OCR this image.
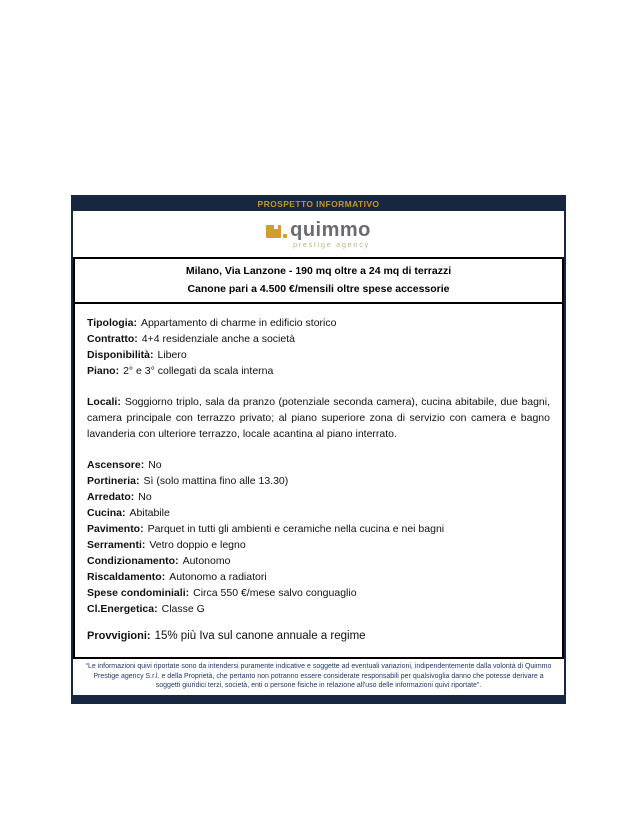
PROSPETTO INFORMATIVO
quimmo
prestige agency
Milano, Via Lanzone - 190 mq oltre a 24 mq di terrazzi
Canone pari a 4.500 €/mensili oltre spese accessorie
Tipologia: Appartamento di charme in edificio storico
Contratto: 4+4 residenziale anche a società
Disponibilità: Libero
Piano: 2° e 3° collegati da scala interna
Locali: Soggiorno triplo, sala da pranzo (potenziale seconda camera), cucina abitabile, due bagni, camera principale con terrazzo privato; al piano superiore zona di servizio con camera e bagno lavanderia con ulteriore terrazzo, locale acantina al piano interrato.
Ascensore: No
Portineria: Sì (solo mattina fino alle 13.30)
Arredato: No
Cucina: Abitabile
Pavimento: Parquet in tutti gli ambienti e ceramiche nella cucina e nei bagni
Serramenti: Vetro doppio e legno
Condizionamento: Autonomo
Riscaldamento: Autonomo a radiatori
Spese condominiali: Circa 550 €/mese salvo conguaglio
Cl.Energetica: Classe G
Provvigioni: 15% più Iva sul canone annuale a regime
“Le informazioni quivi riportate sono da intendersi puramente indicative e soggette ad eventuali variazioni, indipendentemente dalla volontà di Quimmo Prestige agency S.r.l. e della Proprietà, che pertanto non potranno essere considerate responsabili per qualsivoglia danno che potesse derivare a soggetti giuridici terzi, società, enti o persone fisiche in relazione all'uso delle informazioni quivi riportate”.
